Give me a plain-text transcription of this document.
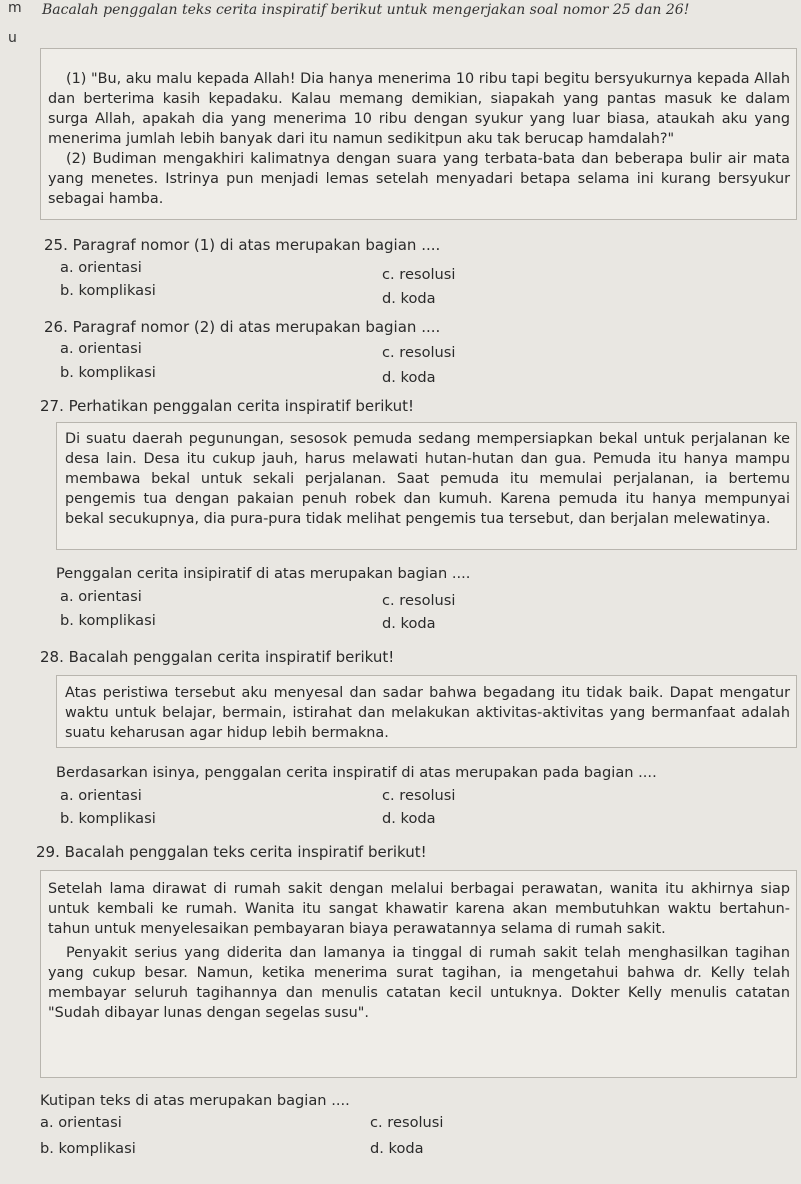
m
u
Bacalah penggalan teks cerita inspiratif berikut untuk mengerjakan soal nomor 25 dan 26!

(1) "Bu, aku malu kepada Allah! Dia hanya menerima 10 ribu tapi begitu bersyukurnya kepada Allah dan berterima kasih kepadaku. Kalau memang demikian, siapakah yang pantas masuk ke dalam surga Allah, apakah dia yang menerima 10 ribu dengan syukur yang luar biasa, ataukah aku yang menerima jumlah lebih banyak dari itu namun sedikitpun aku tak berucap hamdalah?"

(2) Budiman mengakhiri kalimatnya dengan suara yang terbata-bata dan beberapa bulir air mata yang menetes. Istrinya pun menjadi lemas setelah menyadari betapa selama ini kurang bersyukur sebagai hamba.

25. Paragraf nomor (1) di atas merupakan bagian ....
a. orientasi	c. resolusi
b. komplikasi	d. koda
26. Paragraf nomor (2) di atas merupakan bagian ....
a. orientasi	c. resolusi
b. komplikasi	d. koda
27. Perhatikan penggalan cerita inspiratif berikut!

Di suatu daerah pegunungan, sesosok pemuda sedang mempersiapkan bekal untuk perjalanan ke desa lain. Desa itu cukup jauh, harus melawati hutan-hutan dan gua. Pemuda itu hanya mampu membawa bekal untuk sekali perjalanan. Saat pemuda itu memulai perjalanan, ia bertemu pengemis tua dengan pakaian penuh robek dan kumuh. Karena pemuda itu hanya mempunyai bekal secukupnya, dia pura-pura tidak melihat pengemis tua tersebut, dan berjalan melewatinya.

Penggalan cerita insipiratif di atas merupakan bagian ....
a. orientasi	c. resolusi
b. komplikasi	d. koda
28. Bacalah penggalan cerita inspiratif berikut!

Atas peristiwa tersebut aku menyesal dan sadar bahwa begadang itu tidak baik. Dapat mengatur waktu untuk belajar, bermain, istirahat dan melakukan aktivitas-aktivitas yang bermanfaat adalah suatu keharusan agar hidup lebih bermakna.

Berdasarkan isinya, penggalan cerita inspiratif di atas merupakan pada bagian ....
a. orientasi	c. resolusi
b. komplikasi	d. koda
29. Bacalah penggalan teks cerita inspiratif berikut!

Setelah lama dirawat di rumah sakit dengan melalui berbagai perawatan, wanita itu akhirnya siap untuk kembali ke rumah. Wanita itu sangat khawatir karena akan membutuhkan waktu bertahun-tahun untuk menyelesaikan pembayaran biaya perawatannya selama di rumah sakit.

Penyakit serius yang diderita dan lamanya ia tinggal di rumah sakit telah menghasilkan tagihan yang cukup besar. Namun, ketika menerima surat tagihan, ia mengetahui bahwa dr. Kelly telah membayar seluruh tagihannya dan menulis catatan kecil untuknya. Dokter Kelly menulis catatan "Sudah dibayar lunas dengan segelas susu".

Kutipan teks di atas merupakan bagian ....
a. orientasi	c. resolusi
b. komplikasi	d. koda
